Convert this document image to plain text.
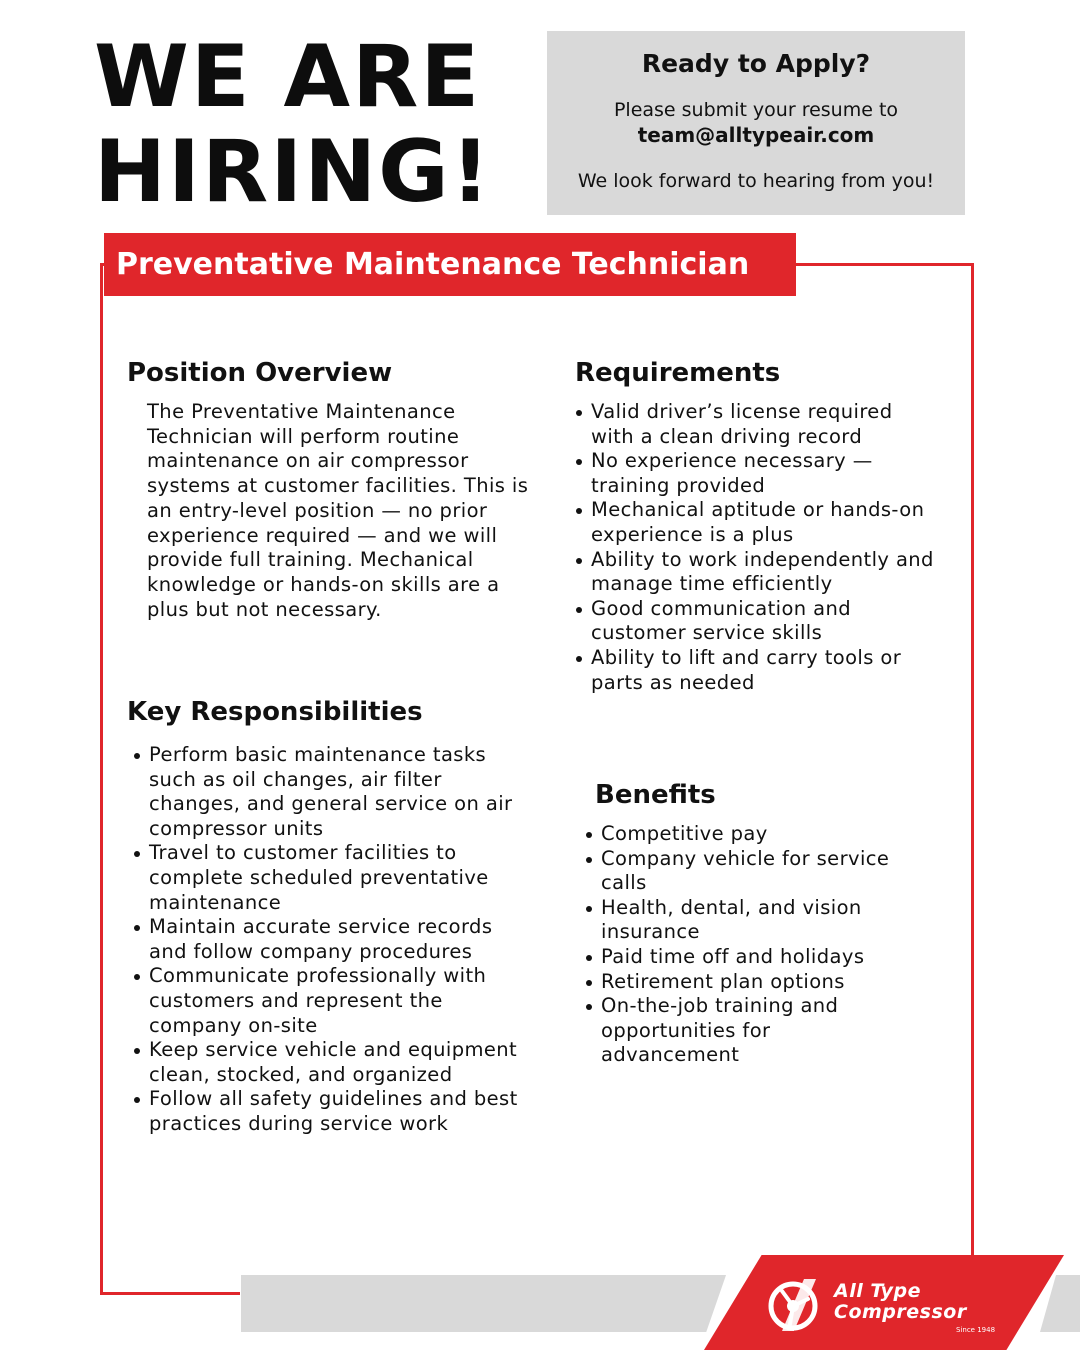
WE ARE
HIRING!

Ready to Apply?

Please submit your resume to

team@alltypeair.com

We look forward to hearing from you!

Preventative Maintenance Technician
Position Overview

The Preventative Maintenance
Technician will perform routine
maintenance on air compressor
systems at customer facilities. This is
an entry-level position — no prior
experience required — and we will
provide full training. Mechanical
knowledge or hands-on skills are a
plus but not necessary.

Key Responsibilities
Perform basic maintenance tasks
such as oil changes, air filter
changes, and general service on air
compressor units
Travel to customer facilities to
complete scheduled preventative
maintenance
Maintain accurate service records
and follow company procedures
Communicate professionally with
customers and represent the
company on-site
Keep service vehicle and equipment
clean, stocked, and organized
Follow all safety guidelines and best
practices during service work
Requirements
Valid driver’s license required
with a clean driving record
No experience necessary —
training provided
Mechanical aptitude or hands-on
experience is a plus
Ability to work independently and
manage time efficiently
Good communication and
customer service skills
Ability to lift and carry tools or
parts as needed
Benefits
Competitive pay
Company vehicle for service
calls
Health, dental, and vision
insurance
Paid time off and holidays
Retirement plan options
On-the-job training and
opportunities for
advancement
All Type
Compressor
Since 1948
